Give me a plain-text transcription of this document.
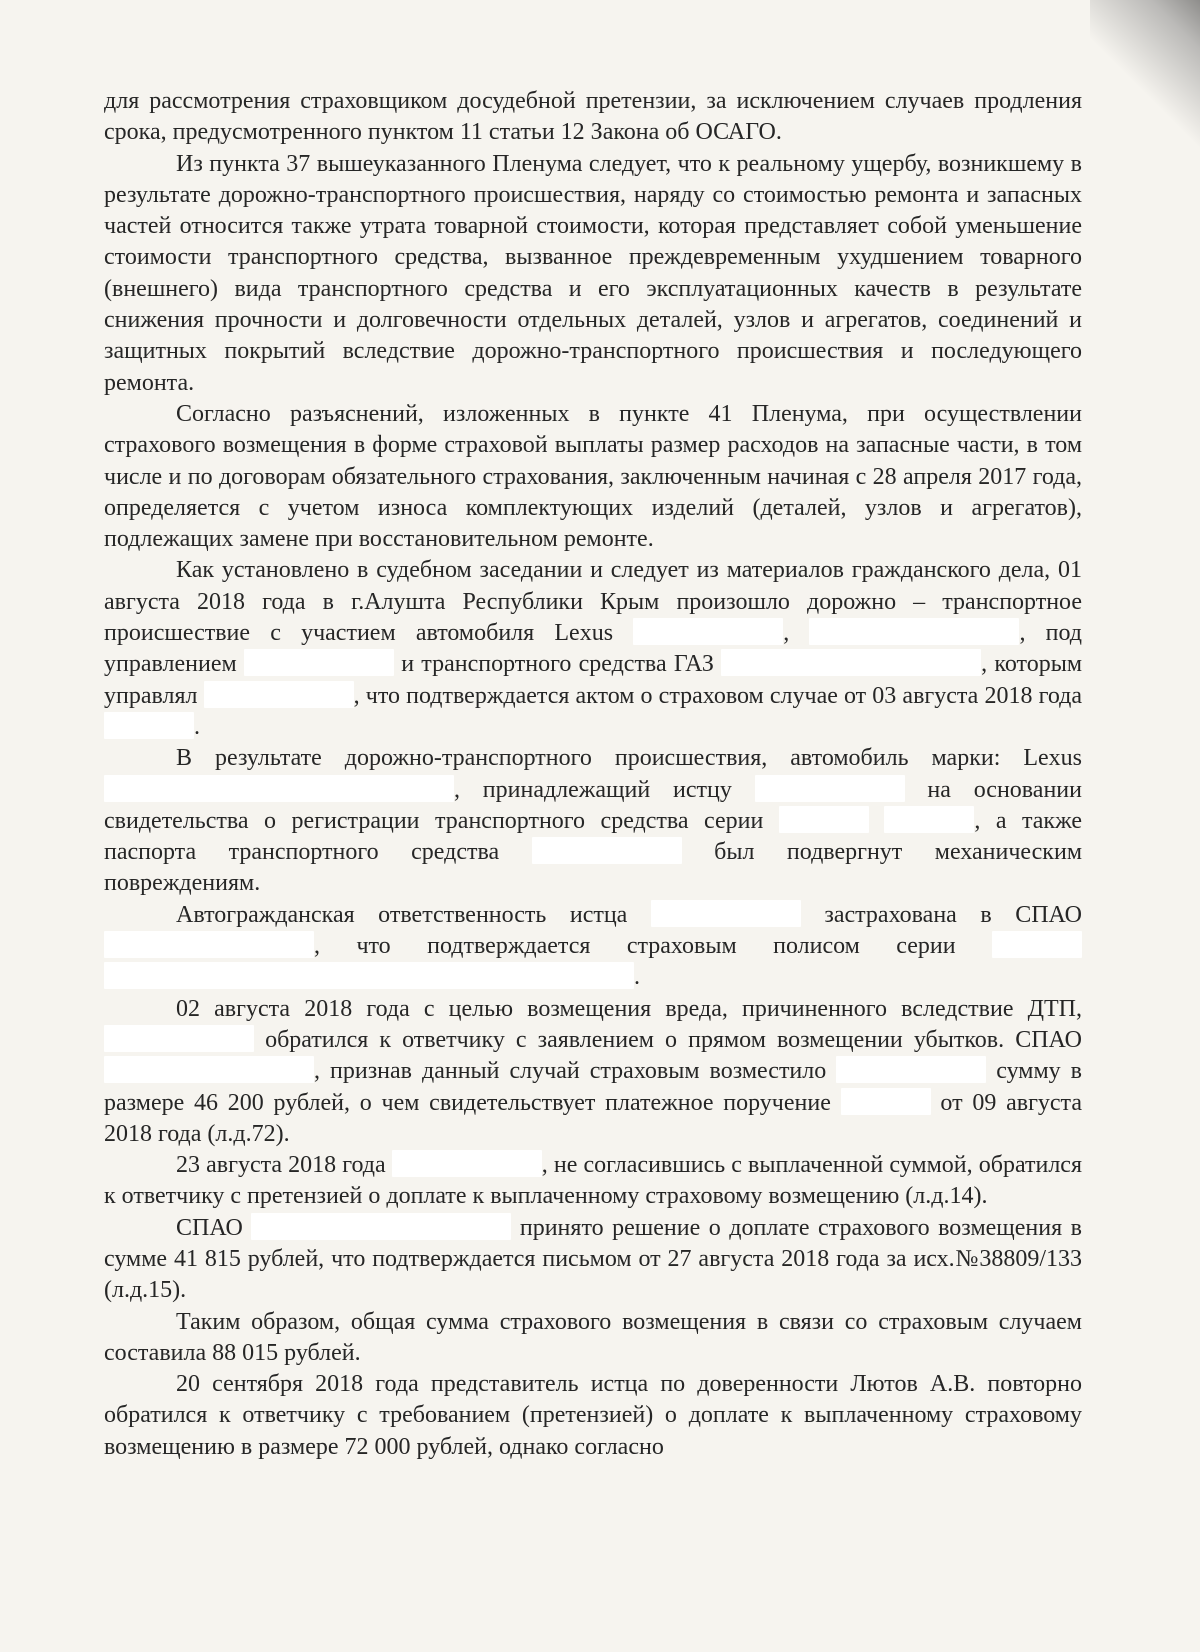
для рассмотрения страховщиком досудебной претензии, за исключением случаев продления срока, предусмотренного пунктом 11 статьи 12 Закона об ОСАГО.

Из пункта 37 вышеуказанного Пленума следует, что к реальному ущербу, возникшему в результате дорожно-транспортного происшествия, наряду со стоимостью ремонта и запасных частей относится также утрата товарной стоимости, которая представляет собой уменьшение стоимости транспортного средства, вызванное преждевременным ухудшением товарного (внешнего) вида транспортного средства и его эксплуатационных качеств в результате снижения прочности и долговечности отдельных деталей, узлов и агрегатов, соединений и защитных покрытий вследствие дорожно-транспортного происшествия и последующего ремонта.

Согласно разъяснений, изложенных в пункте 41 Пленума, при осуществлении страхового возмещения в форме страховой выплаты размер расходов на запасные части, в том числе и по договорам обязательного страхования, заключенным начиная с 28 апреля 2017 года, определяется с учетом износа комплектующих изделий (деталей, узлов и агрегатов), подлежащих замене при восстановительном ремонте.

Как установлено в судебном заседании и следует из материалов гражданского дела, 01 августа 2018 года в г.Алушта Республики Крым произошло дорожно – транспортное происшествие с участием автомобиля Lexus	,	, под управлением	и транспортного средства ГАЗ	, которым управлял	, что подтверждается актом о страховом случае от 03 августа 2018 года .

В результате дорожно-транспортного происшествия, автомобиль марки: Lexus , принадлежащий истцу	на основании свидетельства о регистрации транспортного средства серии	, а также паспорта транспортного средства	был подвергнут механическим повреждениям.

Автогражданская ответственность истца	застрахована в СПАО , что подтверждается страховым полисом серии  .

02 августа 2018 года с целью возмещения вреда, причиненного вследствие ДТП,  обратился к ответчику с заявлением о прямом возмещении убытков. СПАО , признав данный случай страховым возместило	сумму в размере 46 200 рублей, о чем свидетельствует платежное поручение	от 09 августа 2018 года (л.д.72).

23 августа 2018 года	, не согласившись с выплаченной суммой, обратился к ответчику с претензией о доплате к выплаченному страховому возмещению (л.д.14).

СПАО	принято решение о доплате страхового возмещения в сумме 41 815 рублей, что подтверждается письмом от 27 августа 2018 года за исх.№38809/133 (л.д.15).

Таким образом, общая сумма страхового возмещения в связи со страховым случаем составила 88 015 рублей.

20 сентября 2018 года представитель истца по доверенности Лютов А.В. повторно обратился к ответчику с требованием (претензией) о доплате к выплаченному страховому возмещению в размере 72 000 рублей, однако согласно
